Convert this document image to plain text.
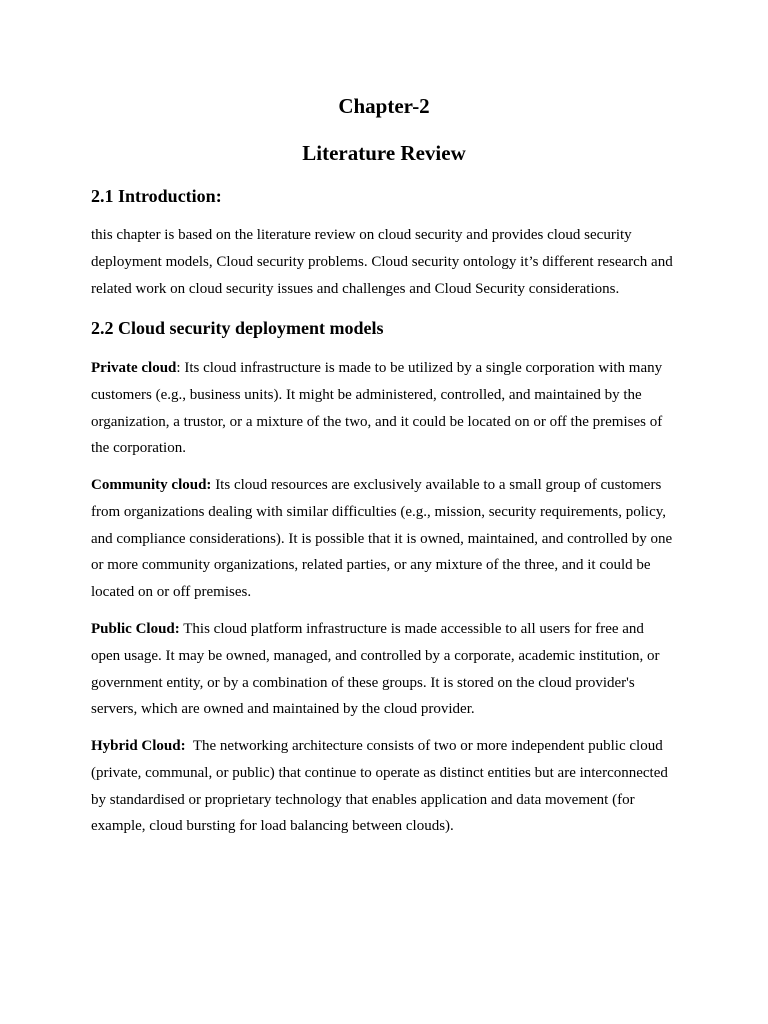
Chapter-2
Literature Review
2.1 Introduction:
this chapter is based on the literature review on cloud security and provides cloud security
deployment models, Cloud security problems. Cloud security ontology it’s different research and
related work on cloud security issues and challenges and Cloud Security considerations.
2.2 Cloud security deployment models
Private cloud: Its cloud infrastructure is made to be utilized by a single corporation with many
customers (e.g., business units). It might be administered, controlled, and maintained by the
organization, a trustor, or a mixture of the two, and it could be located on or off the premises of
the corporation.
Community cloud: Its cloud resources are exclusively available to a small group of customers
from organizations dealing with similar difficulties (e.g., mission, security requirements, policy,
and compliance considerations). It is possible that it is owned, maintained, and controlled by one
or more community organizations, related parties, or any mixture of the three, and it could be
located on or off premises.
Public Cloud: This cloud platform infrastructure is made accessible to all users for free and
open usage. It may be owned, managed, and controlled by a corporate, academic institution, or
government entity, or by a combination of these groups. It is stored on the cloud provider's
servers, which are owned and maintained by the cloud provider.
Hybrid Cloud:  The networking architecture consists of two or more independent public cloud
(private, communal, or public) that continue to operate as distinct entities but are interconnected
by standardised or proprietary technology that enables application and data movement (for
example, cloud bursting for load balancing between clouds).
